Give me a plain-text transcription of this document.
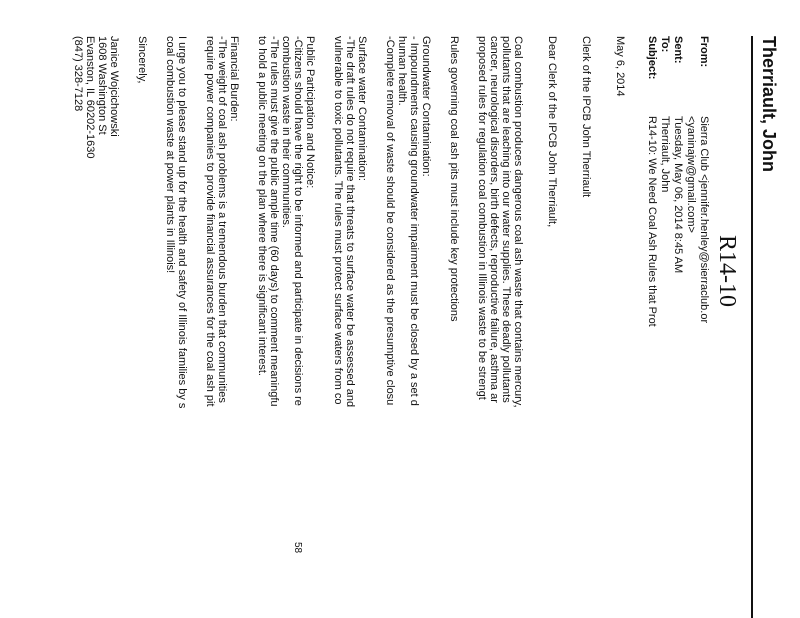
Therriault, John
R14-10
From:
Sierra Club <jennifer.henley@sierraclub.or
<yaninajw@gmail.com>
Sent:
Tuesday, May 06, 2014 8:45 AM
To:
Therriault, John
Subject:
R14-10: We Need Coal Ash Rules that Prot
May 6, 2014
Clerk of the IPCB John Therriault
Dear Clerk of the IPCB John Therriault,
Coal combustion produces dangerous coal ash waste that contains mercury,
pollutants that are leaching into our water supplies. These deadly pollutants
cancer, neurological disorders, birth defects, reproductive failure, asthma ar
proposed rules for regulation coal combustion in Illinois waste to be strengt
Rules governing coal ash pits must include key protections
Groundwater Contamination:
- Impoundments causing groundwater impairment must be closed by a set d
human health.
-Complete removal of waste should be considered as the presumptive closu
Surface water Contamination:
-The draft rules do not require that threats to surface water be assessed and
vulnerable to toxic pollutants. The rules must protect surface waters from co
Public Participation and Notice:
-Citizens should have the right to be informed and participate in decisions re
combustion waste in their communities.
-The rules must give the public ample time (60 days) to comment meaningfu
to hold a public meeting on the plan where there is significant interest.
Financial Burden:
-The weight of coal ash problems is a tremendous burden that communities
require power companies to provide financial assurances for the coal ash pit
I urge you to please stand up for the health and safety of Illinois families by s
coal combustion waste at power plants in Illinois!
Sincerely,
Janice Wojcichowski
1608 Washington St
Evanston, IL 60202-1630
(847) 328-7128
58
